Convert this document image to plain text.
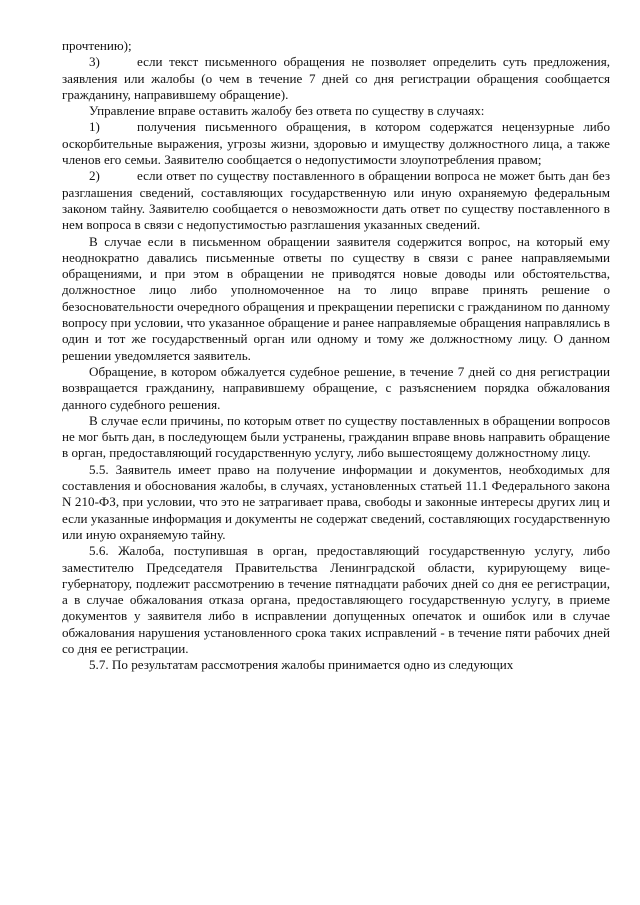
прочтению);

3)	если текст письменного обращения не позволяет определить суть предложения, заявления или жалобы (о чем в течение 7 дней со дня регистрации обращения сообщается гражданину, направившему обращение).

Управление вправе оставить жалобу без ответа по существу в случаях:

1)	получения письменного обращения, в котором содержатся нецензурные либо оскорбительные выражения, угрозы жизни, здоровью и имуществу должностного лица, а также членов его семьи. Заявителю сообщается о недопустимости злоупотребления правом;

2)	если ответ по существу поставленного в обращении вопроса не может быть дан без разглашения сведений, составляющих государственную или иную охраняемую федеральным законом тайну. Заявителю сообщается о невозможности дать ответ по существу поставленного в нем вопроса в связи с недопустимостью разглашения указанных сведений.

В случае если в письменном обращении заявителя содержится вопрос, на который ему неоднократно давались письменные ответы по существу в связи с ранее направляемыми обращениями, и при этом в обращении не приводятся новые доводы или обстоятельства, должностное лицо либо уполномоченное на то лицо вправе принять решение о безосновательности очередного обращения и прекращении переписки с гражданином по данному вопросу при условии, что указанное обращение и ранее направляемые обращения направлялись в один и тот же государственный орган или одному и тому же должностному лицу. О данном решении уведомляется заявитель.

Обращение, в котором обжалуется судебное решение, в течение 7 дней со дня регистрации возвращается гражданину, направившему обращение, с разъяснением порядка обжалования данного судебного решения.

В случае если причины, по которым ответ по существу поставленных в обращении вопросов не мог быть дан, в последующем были устранены, гражданин вправе вновь направить обращение в орган, предоставляющий государственную услугу, либо вышестоящему должностному лицу.

5.5. Заявитель имеет право на получение информации и документов, необходимых для составления и обоснования жалобы, в случаях, установленных статьей 11.1 Федерального закона N 210-ФЗ, при условии, что это не затрагивает права, свободы и законные интересы других лиц и если указанные информация и документы не содержат сведений, составляющих государственную или иную охраняемую тайну.

5.6. Жалоба, поступившая в орган, предоставляющий государственную услугу, либо заместителю Председателя Правительства Ленинградской области, курирующему вице-губернатору, подлежит рассмотрению в течение пятнадцати рабочих дней со дня ее регистрации, а в случае обжалования отказа органа, предоставляющего государственную услугу, в приеме документов у заявителя либо в исправлении допущенных опечаток и ошибок или в случае обжалования нарушения установленного срока таких исправлений - в течение пяти рабочих дней со дня ее регистрации.

5.7. По результатам рассмотрения жалобы принимается одно из следующих
